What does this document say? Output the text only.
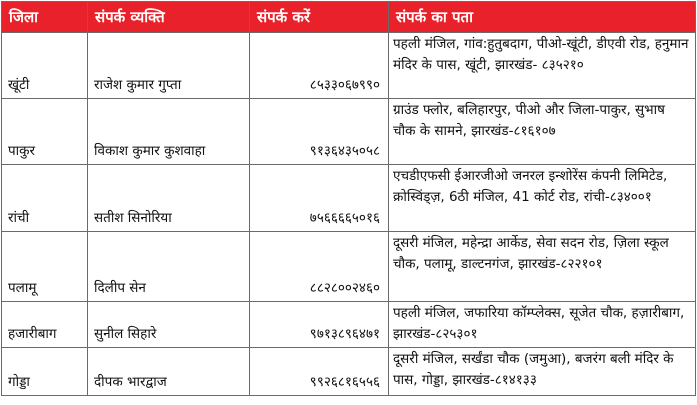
जिला	संपर्क व्यक्ति	संपर्क करें	संपर्क का पता
खूंटी	राजेश कुमार गुप्ता	८५३३०६७९९०	पहली मंजिल, गांव:हुतुबदाग, पीओ-खूंटी, डीएवी रोड, हनुमान मंदिर के पास, खूंटी, झारखंड- ८३५२१०
पाकुर	विकाश कुमार कुशवाहा	९१३६४३५०५८	ग्राउंड फ्लोर, बलिहारपुर, पीओ और जिला-पाकुर, सुभाष चौक के सामने, झारखंड-८१६१०७
रांची	सतीश सिनोरिया	७५६६६६५०१६	एचडीएफसी ईआरजीओ जनरल इन्शोरेंस कंपनी लिमिटेड, क्रोस्विंड्ज़, 6ठी मंजिल, 41 कोर्ट रोड, रांची-८३४००१
पलामू	दिलीप सेन	८८२८००२४६०	दूसरी मंजिल, महेन्द्रा आर्केड, सेवा सदन रोड, ज़िला स्कूल चौक, पलामू, डाल्टनगंज, झारखंड-८२२१०१
हजारीबाग	सुनील सिहारे	९७१३८९६४७१	पहली मंजिल, जफारिया कॉम्प्लेक्स, सूजेत चौक, हज़ारीबाग, झारखंड-८२५३०१
गोड्डा	दीपक भारद्वाज	९९२६८१६५५६	दूसरी मंजिल, सर्खंडा चौक (जमुआ), बजरंग बली मंदिर के पास, गोड्डा, झारखंड-८१४१३३
